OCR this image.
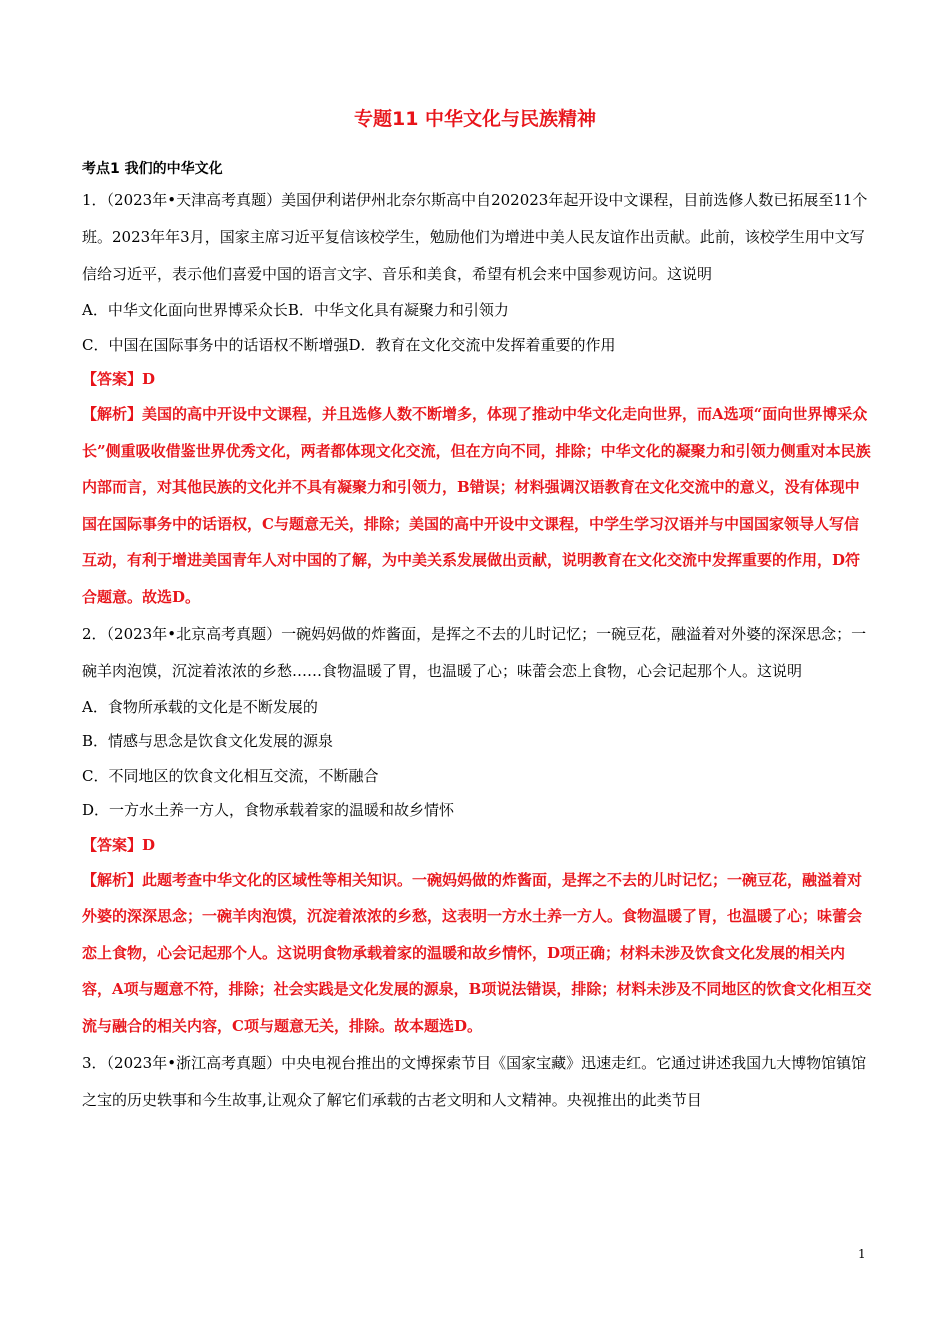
专题11 中华文化与民族精神

考点1 我们的中华文化

1．（2023年•天津高考真题）美国伊利诺伊州北奈尔斯高中自202023年起开设中文课程，目前选修人数已拓展至11个班。2023年年3月，国家主席习近平复信该校学生，勉励他们为增进中美人民友谊作出贡献。此前，该校学生用中文写信给习近平，表示他们喜爱中国的语言文字、音乐和美食，希望有机会来中国参观访问。这说明

A．中华文化面向世界博采众长B．中华文化具有凝聚力和引领力

C．中国在国际事务中的话语权不断增强D．教育在文化交流中发挥着重要的作用

【答案】D

【解析】美国的高中开设中文课程，并且选修人数不断增多，体现了推动中华文化走向世界，而A选项“面向世界博采众长”侧重吸收借鉴世界优秀文化，两者都体现文化交流，但在方向不同，排除；中华文化的凝聚力和引领力侧重对本民族内部而言，对其他民族的文化并不具有凝聚力和引领力，B错误；材料强调汉语教育在文化交流中的意义，没有体现中国在国际事务中的话语权，C与题意无关，排除；美国的高中开设中文课程，中学生学习汉语并与中国国家领导人写信互动，有利于增进美国青年人对中国的了解，为中美关系发展做出贡献，说明教育在文化交流中发挥重要的作用，D符合题意。故选D。

2．（2023年•北京高考真题）一碗妈妈做的炸酱面，是挥之不去的儿时记忆；一碗豆花，融溢着对外婆的深深思念；一碗羊肉泡馍，沉淀着浓浓的乡愁……食物温暖了胃，也温暖了心；味蕾会恋上食物，心会记起那个人。这说明

A．食物所承载的文化是不断发展的

B．情感与思念是饮食文化发展的源泉

C．不同地区的饮食文化相互交流，不断融合

D．一方水土养一方人，食物承载着家的温暖和故乡情怀

【答案】D

【解析】此题考查中华文化的区域性等相关知识。一碗妈妈做的炸酱面，是挥之不去的儿时记忆；一碗豆花，融溢着对外婆的深深思念；一碗羊肉泡馍，沉淀着浓浓的乡愁，这表明一方水土养一方人。食物温暖了胃，也温暖了心；味蕾会恋上食物，心会记起那个人。这说明食物承载着家的温暖和故乡情怀，D项正确；材料未涉及饮食文化发展的相关内容，A项与题意不符，排除；社会实践是文化发展的源泉，B项说法错误，排除；材料未涉及不同地区的饮食文化相互交流与融合的相关内容，C项与题意无关，排除。故本题选D。

3．（2023年•浙江高考真题）中央电视台推出的文博探索节目《国家宝藏》迅速走红。它通过讲述我国九大博物馆镇馆之宝的历史轶事和今生故事,让观众了解它们承载的古老文明和人文精神。央视推出的此类节目

1
